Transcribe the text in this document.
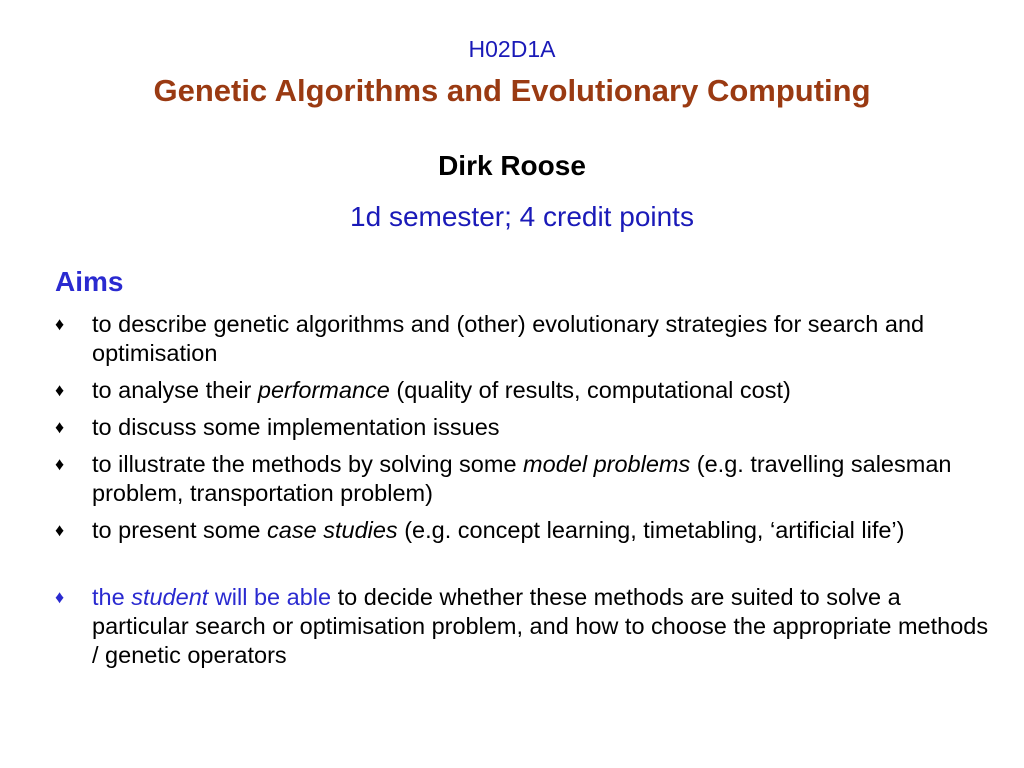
H02D1A
Genetic Algorithms and Evolutionary Computing
Dirk Roose
1d semester; 4 credit points
Aims
♦ to describe genetic algorithms and (other) evolutionary strategies for search and optimisation
♦ to analyse their performance (quality of results, computational cost)
♦ to discuss some implementation issues
♦ to illustrate the methods by solving some model problems (e.g. travelling salesman problem, transportation problem)
♦ to present some case studies (e.g. concept learning, timetabling, ‘artificial life’)
♦ the student will be able to decide whether these methods are suited to solve a particular search or optimisation problem, and how to choose the appropriate methods / genetic operators
